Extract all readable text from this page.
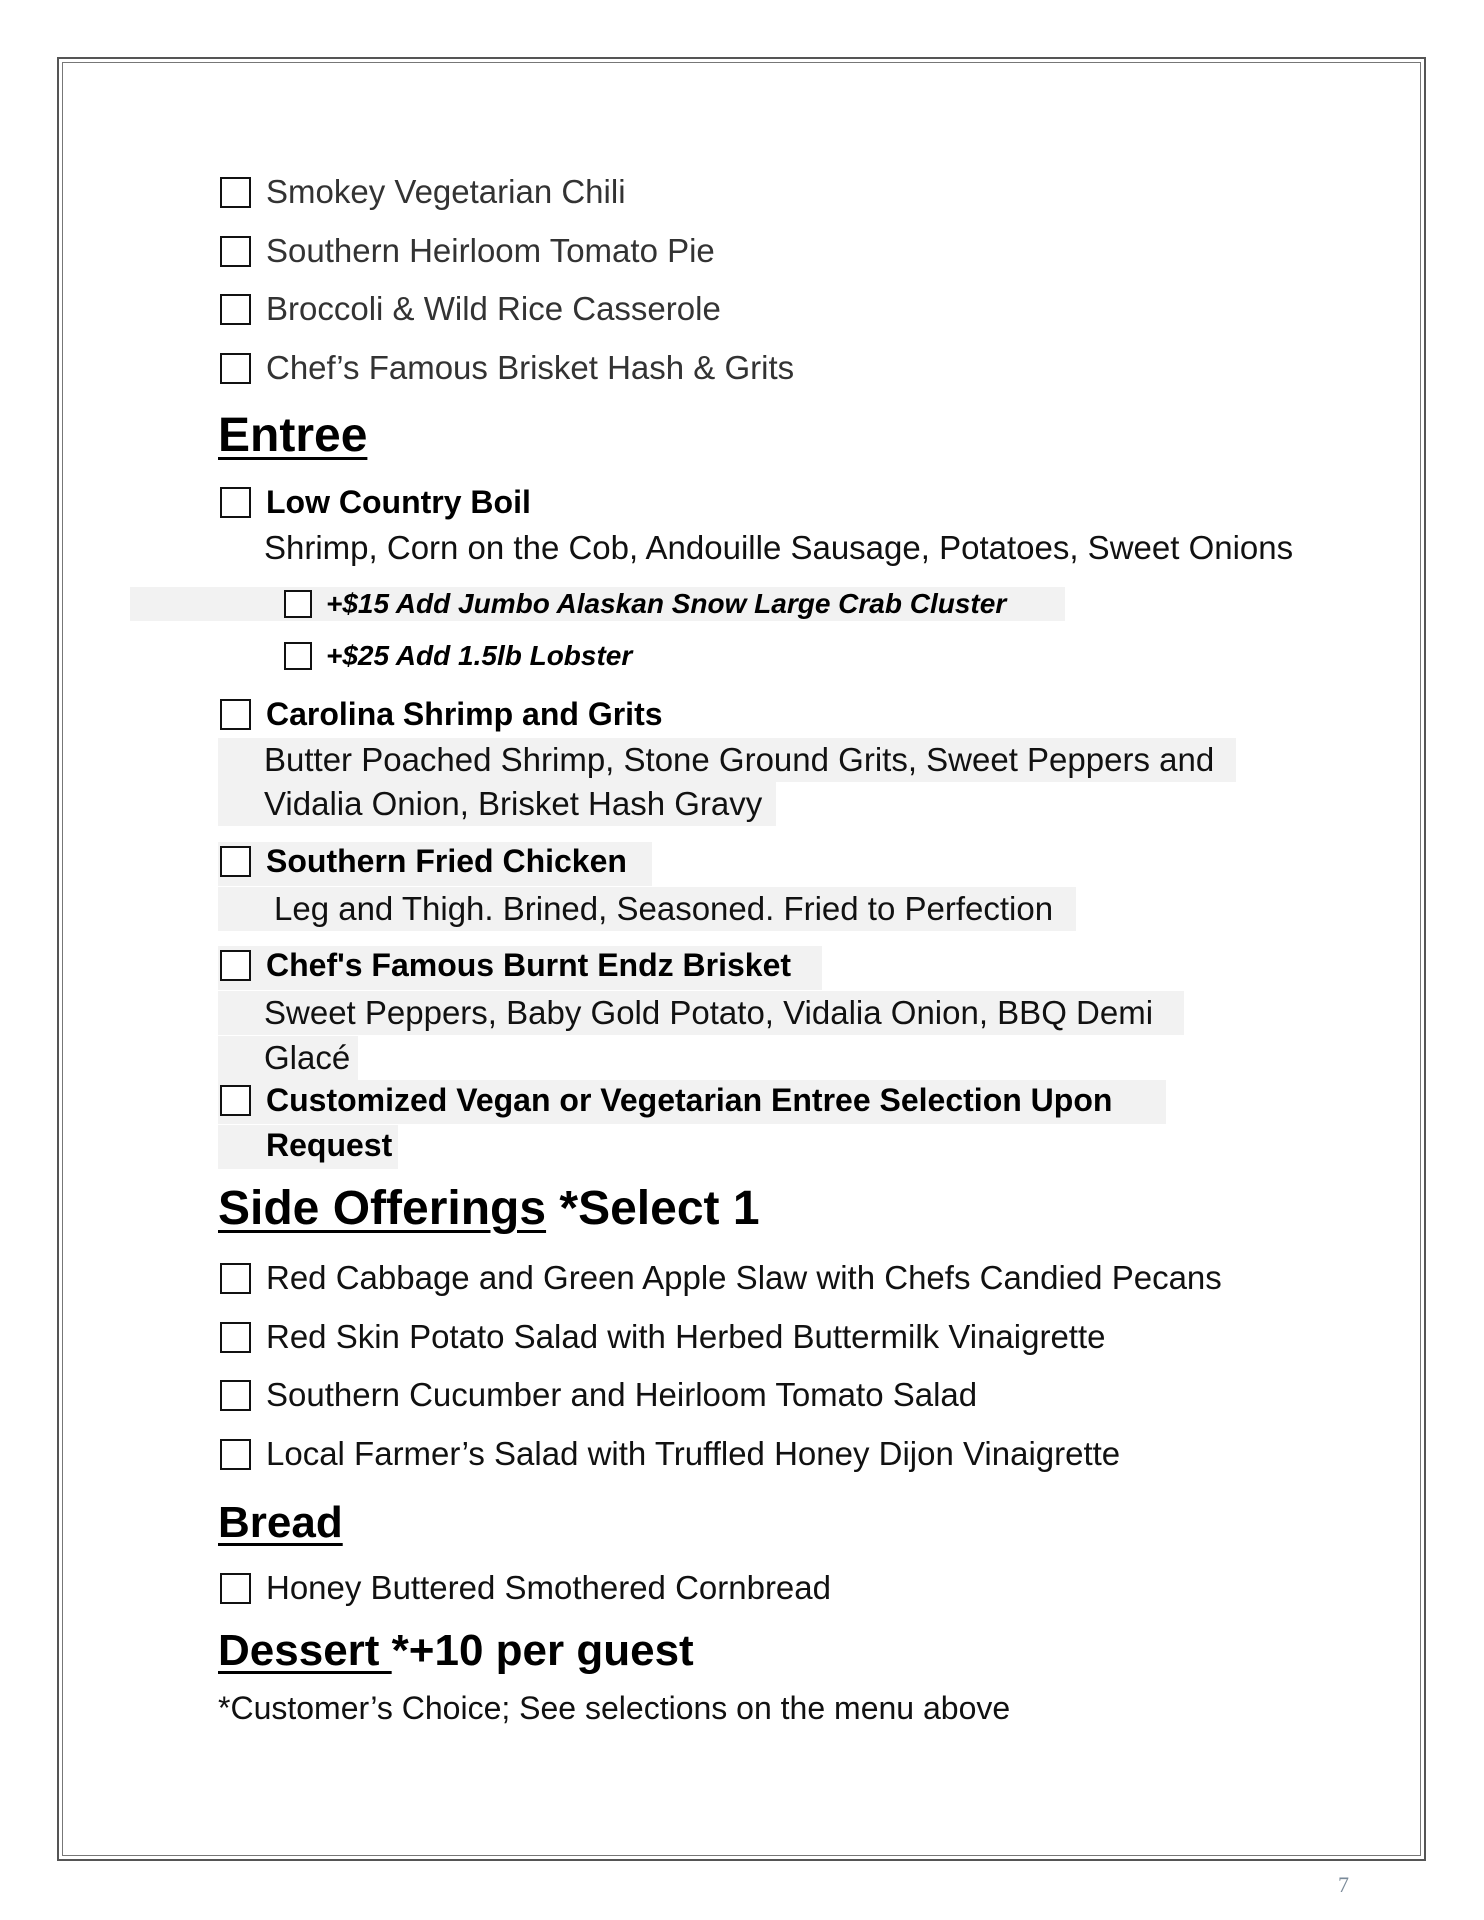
Smokey Vegetarian Chili
Southern Heirloom Tomato Pie
Broccoli & Wild Rice Casserole
Chef’s Famous Brisket Hash & Grits
Entree
Low Country Boil
Shrimp, Corn on the Cob, Andouille Sausage, Potatoes, Sweet Onions
+$15 Add Jumbo Alaskan Snow Large Crab Cluster
+$25 Add 1.5lb Lobster
Carolina Shrimp and Grits
Butter Poached Shrimp, Stone Ground Grits, Sweet Peppers and
Vidalia Onion, Brisket Hash Gravy
Southern Fried Chicken
Leg and Thigh. Brined, Seasoned. Fried to Perfection
Chef's Famous Burnt Endz Brisket
Sweet Peppers, Baby Gold Potato, Vidalia Onion, BBQ Demi
Glacé
Customized Vegan or Vegetarian Entree Selection Upon
Request
Side Offerings *Select 1
Red Cabbage and Green Apple Slaw with Chefs Candied Pecans
Red Skin Potato Salad with Herbed Buttermilk Vinaigrette
Southern Cucumber and Heirloom Tomato Salad
Local Farmer’s Salad with Truffled Honey Dijon Vinaigrette
Bread
Honey Buttered Smothered Cornbread
Dessert *+10 per guest
*Customer’s Choice; See selections on the menu above
7
